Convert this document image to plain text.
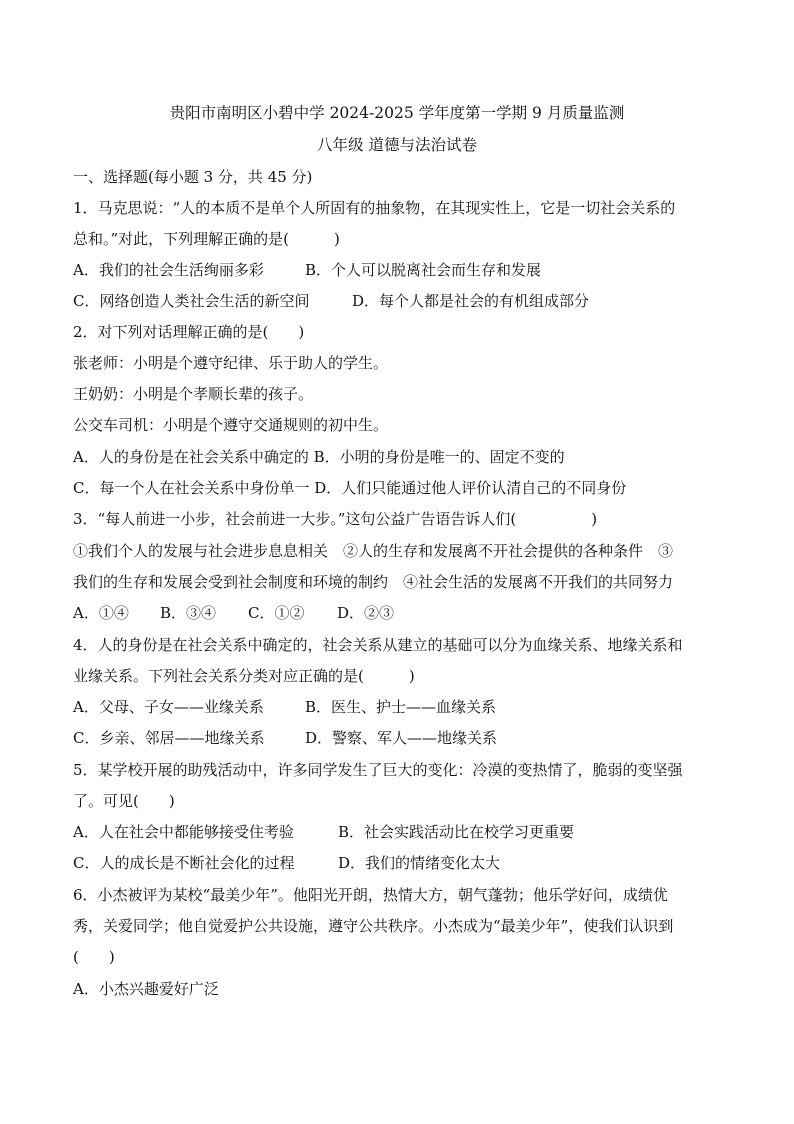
贵阳市南明区小碧中学 2024-2025 学年度第一学期 9 月质量监测
八年级 道德与法治试卷
一、选择题(每小题 3 分，共 45 分)
1．马克思说：“人的本质不是单个人所固有的抽象物，在其现实性上，它是一切社会关系的
总和。”对此，下列理解正确的是(　　　)
A．我们的社会生活绚丽多彩	B．个人可以脱离社会而生存和发展
C．网络创造人类社会生活的新空间	D．每个人都是社会的有机组成部分
2．对下列对话理解正确的是(　　)
张老师：小明是个遵守纪律、乐于助人的学生。
王奶奶：小明是个孝顺长辈的孩子。
公交车司机：小明是个遵守交通规则的初中生。
A．人的身份是在社会关系中确定的 B．小明的身份是唯一的、固定不变的
C．每一个人在社会关系中身份单一 D．人们只能通过他人评价认清自己的不同身份
3．“每人前进一小步，社会前进一大步。”这句公益广告语告诉人们(　　　　　)
①我们个人的发展与社会进步息息相关　②人的生存和发展离不开社会提供的各种条件　③
我们的生存和发展会受到社会制度和环境的制约　④社会生活的发展离不开我们的共同努力
A．①④ B．③④ C．①② D．②③
4．人的身份是在社会关系中确定的，社会关系从建立的基础可以分为血缘关系、地缘关系和
业缘关系。下列社会关系分类对应正确的是(　　　)
A．父母、子女——业缘关系	B．医生、护士——血缘关系
C．乡亲、邻居——地缘关系	D．警察、军人——地缘关系
5．某学校开展的助残活动中，许多同学发生了巨大的变化：冷漠的变热情了，脆弱的变坚强
了。可见(　　)
A．人在社会中都能够接受住考验	B．社会实践活动比在校学习更重要
C．人的成长是不断社会化的过程	D．我们的情绪变化太大
6．小杰被评为某校“最美少年”。他阳光开朗，热情大方，朝气蓬勃；他乐学好问，成绩优
秀，关爱同学；他自觉爱护公共设施，遵守公共秩序。小杰成为“最美少年”，使我们认识到
(　　)
A．小杰兴趣爱好广泛
